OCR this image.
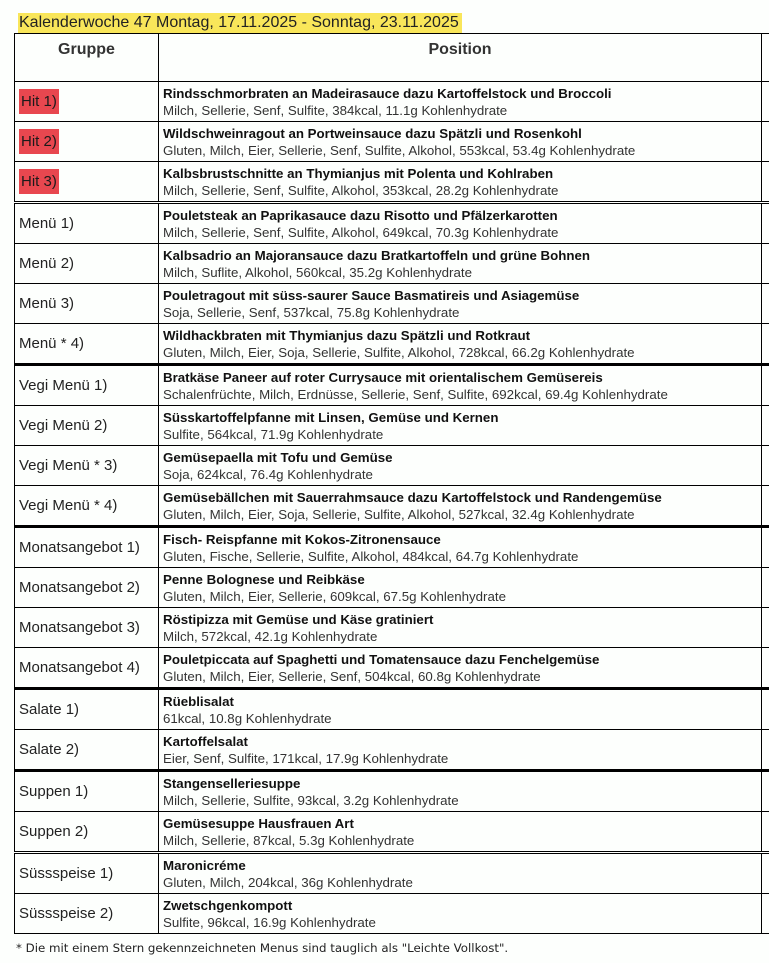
Kalenderwoche 47 Montag, 17.11.2025 - Sonntag, 23.11.2025
Gruppe	Position	
Hit 1)	Rindsschmorbraten an Madeirasauce dazu Kartoffelstock und Broccoli
Milch, Sellerie, Senf, Sulfite, 384kcal, 11.1g Kohlenhydrate	

Hit 2)	Wildschweinragout an Portweinsauce dazu Spätzli und Rosenkohl
Gluten, Milch, Eier, Sellerie, Senf, Sulfite, Alkohol, 553kcal, 53.4g Kohlenhydrate	

Hit 3)	Kalbsbrustschnitte an Thymianjus mit Polenta und Kohlraben
Milch, Sellerie, Senf, Sulfite, Alkohol, 353kcal, 28.2g Kohlenhydrate	

Menü 1)	Pouletsteak an Paprikasauce dazu Risotto und Pfälzerkarotten
Milch, Sellerie, Senf, Sulfite, Alkohol, 649kcal, 70.3g Kohlenhydrate	

Menü 2)	Kalbsadrio an Majoransauce dazu Bratkartoffeln und grüne Bohnen
Milch, Suflite, Alkohol, 560kcal, 35.2g Kohlenhydrate	

Menü 3)	Pouletragout mit süss-saurer Sauce Basmatireis und Asiagemüse
Soja, Sellerie, Senf, 537kcal, 75.8g Kohlenhydrate	

Menü * 4)	Wildhackbraten mit Thymianjus dazu Spätzli und Rotkraut
Gluten, Milch, Eier, Soja, Sellerie, Sulfite, Alkohol, 728kcal, 66.2g Kohlenhydrate	

Vegi Menü 1)	Bratkäse Paneer auf roter Currysauce mit orientalischem Gemüsereis
Schalenfrüchte, Milch, Erdnüsse, Sellerie, Senf, Sulfite, 692kcal, 69.4g Kohlenhydrate	

Vegi Menü 2)	Süsskartoffelpfanne mit Linsen, Gemüse und Kernen
Sulfite, 564kcal, 71.9g Kohlenhydrate	

Vegi Menü * 3)	Gemüsepaella mit Tofu und Gemüse
Soja, 624kcal, 76.4g Kohlenhydrate	

Vegi Menü * 4)	Gemüsebällchen mit Sauerrahmsauce dazu Kartoffelstock und Randengemüse
Gluten, Milch, Eier, Soja, Sellerie, Sulfite, Alkohol, 527kcal, 32.4g Kohlenhydrate	

Monatsangebot 1)	Fisch- Reispfanne mit Kokos-Zitronensauce
Gluten, Fische, Sellerie, Sulfite, Alkohol, 484kcal, 64.7g Kohlenhydrate	

Monatsangebot 2)	Penne Bolognese und Reibkäse
Gluten, Milch, Eier, Sellerie, 609kcal, 67.5g Kohlenhydrate	

Monatsangebot 3)	Röstipizza mit Gemüse und Käse gratiniert
Milch, 572kcal, 42.1g Kohlenhydrate	

Monatsangebot 4)	Pouletpiccata auf Spaghetti und Tomatensauce dazu Fenchelgemüse
Gluten, Milch, Eier, Sellerie, Senf, 504kcal, 60.8g Kohlenhydrate	

Salate 1)	Rüeblisalat
61kcal, 10.8g Kohlenhydrate	

Salate 2)	Kartoffelsalat
Eier, Senf, Sulfite, 171kcal, 17.9g Kohlenhydrate	

Suppen 1)	Stangenselleriesuppe
Milch, Sellerie, Sulfite, 93kcal, 3.2g Kohlenhydrate	

Suppen 2)	Gemüsesuppe Hausfrauen Art
Milch, Sellerie, 87kcal, 5.3g Kohlenhydrate	

Süssspeise 1)	Maronicréme
Gluten, Milch, 204kcal, 36g Kohlenhydrate	

Süssspeise 2)	Zwetschgenkompott
Sulfite, 96kcal, 16.9g Kohlenhydrate	

* Die mit einem Stern gekennzeichneten Menus sind tauglich als "Leichte Vollkost".
